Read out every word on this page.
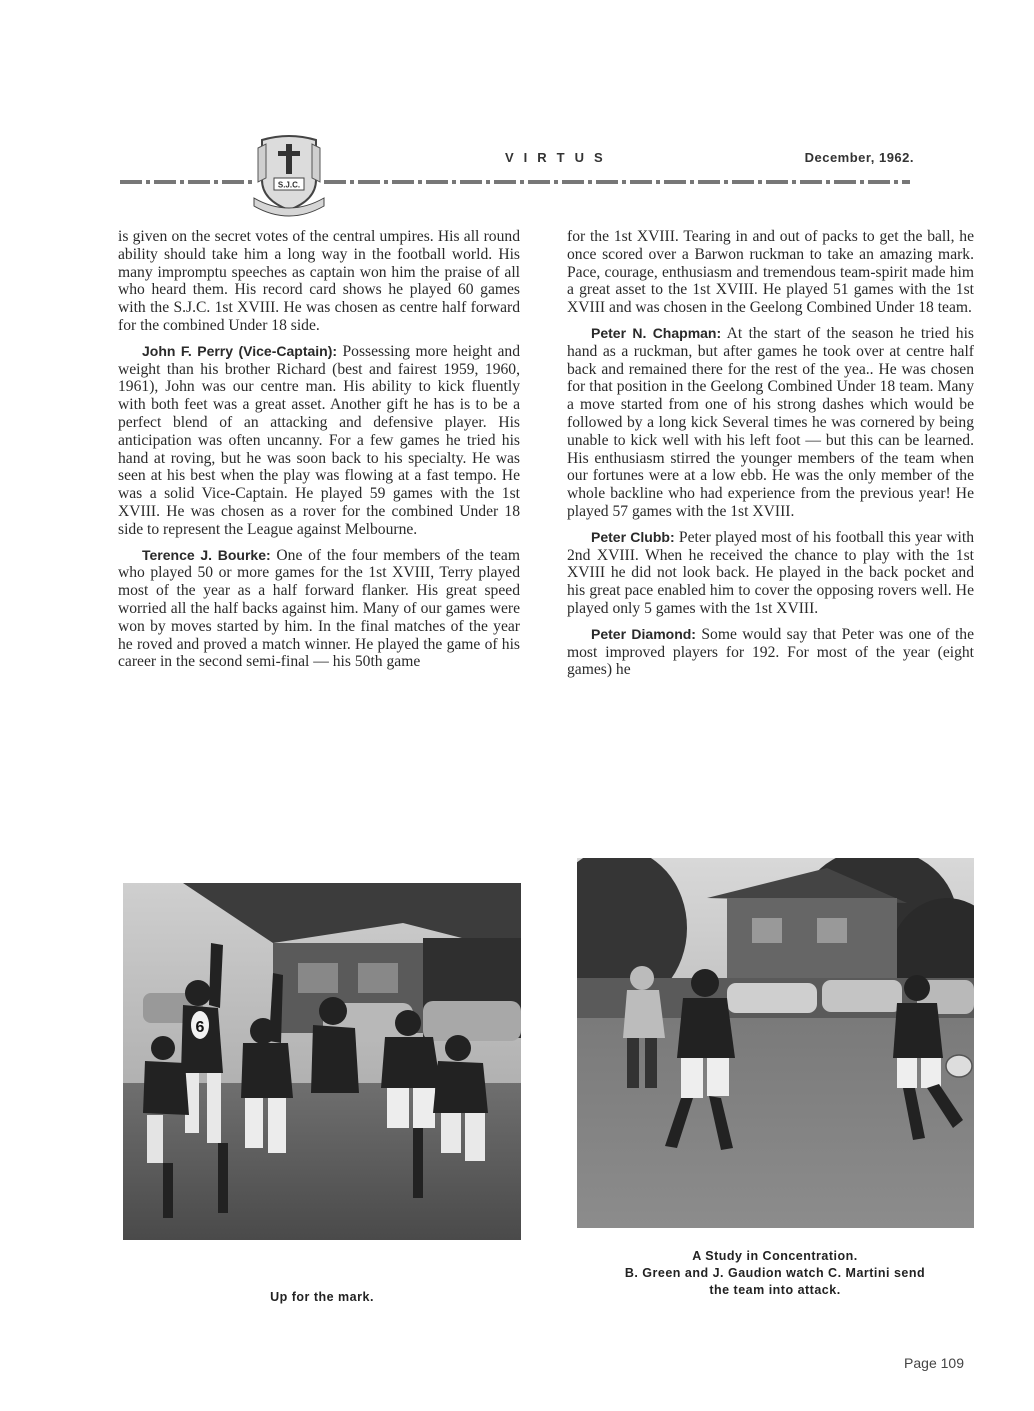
S.J.C.
VIRTUS	December, 1962.

is given on the secret votes of the central umpires. His all round ability should take him a long way in the football world. His many impromptu speeches as captain won him the praise of all who heard them. His record card shows he played 60 games with the S.J.C. 1st XVIII. He was chosen as centre half forward for the combined Under 18 side.

John F. Perry (Vice-Captain): Possessing more height and weight than his brother Richard (best and fairest 1959, 1960, 1961), John was our centre man. His ability to kick fluently with both feet was a great asset. Another gift he has is to be a perfect blend of an attacking and defensive player. His anticipation was often uncanny. For a few games he tried his hand at roving, but he was soon back to his specialty. He was seen at his best when the play was flowing at a fast tempo. He was a solid Vice-Captain. He played 59 games with the 1st XVIII. He was chosen as a rover for the combined Under 18 side to represent the League against Melbourne.

Terence J. Bourke: One of the four members of the team who played 50 or more games for the 1st XVIII, Terry played most of the year as a half forward flanker. His great speed worried all the half backs against him. Many of our games were won by moves started by him. In the final matches of the year he roved and proved a match winner. He played the game of his career in the second semi-final — his 50th game

for the 1st XVIII. Tearing in and out of packs to get the ball, he once scored over a Barwon ruckman to take an amazing mark. Pace, courage, enthusiasm and tremendous team-spirit made him a great asset to the 1st XVIII. He played 51 games with the 1st XVIII and was chosen in the Geelong Combined Under 18 team.

Peter N. Chapman: At the start of the season he tried his hand as a ruckman, but after games he took over at centre half back and remained there for the rest of the yea.. He was chosen for that position in the Geelong Combined Under 18 team. Many a move started from one of his strong dashes which would be followed by a long kick Several times he was cornered by being unable to kick well with his left foot — but this can be learned. His enthusiasm stirred the younger members of the team when our fortunes were at a low ebb. He was the only member of the whole backline who had experience from the previous year! He played 57 games with the 1st XVIII.

Peter Clubb: Peter played most of his football this year with 2nd XVIII. When he received the chance to play with the 1st XVIII he did not look back. He played in the back pocket and his great pace enabled him to cover the opposing rovers well. He played only 5 games with the 1st XVIII.

Peter Diamond: Some would say that Peter was one of the most improved players for 192. For most of the year (eight games) he

6
Up for the mark.
A Study in Concentration.
B. Green and J. Gaudion watch C. Martini send
the team into attack.
Page 109
